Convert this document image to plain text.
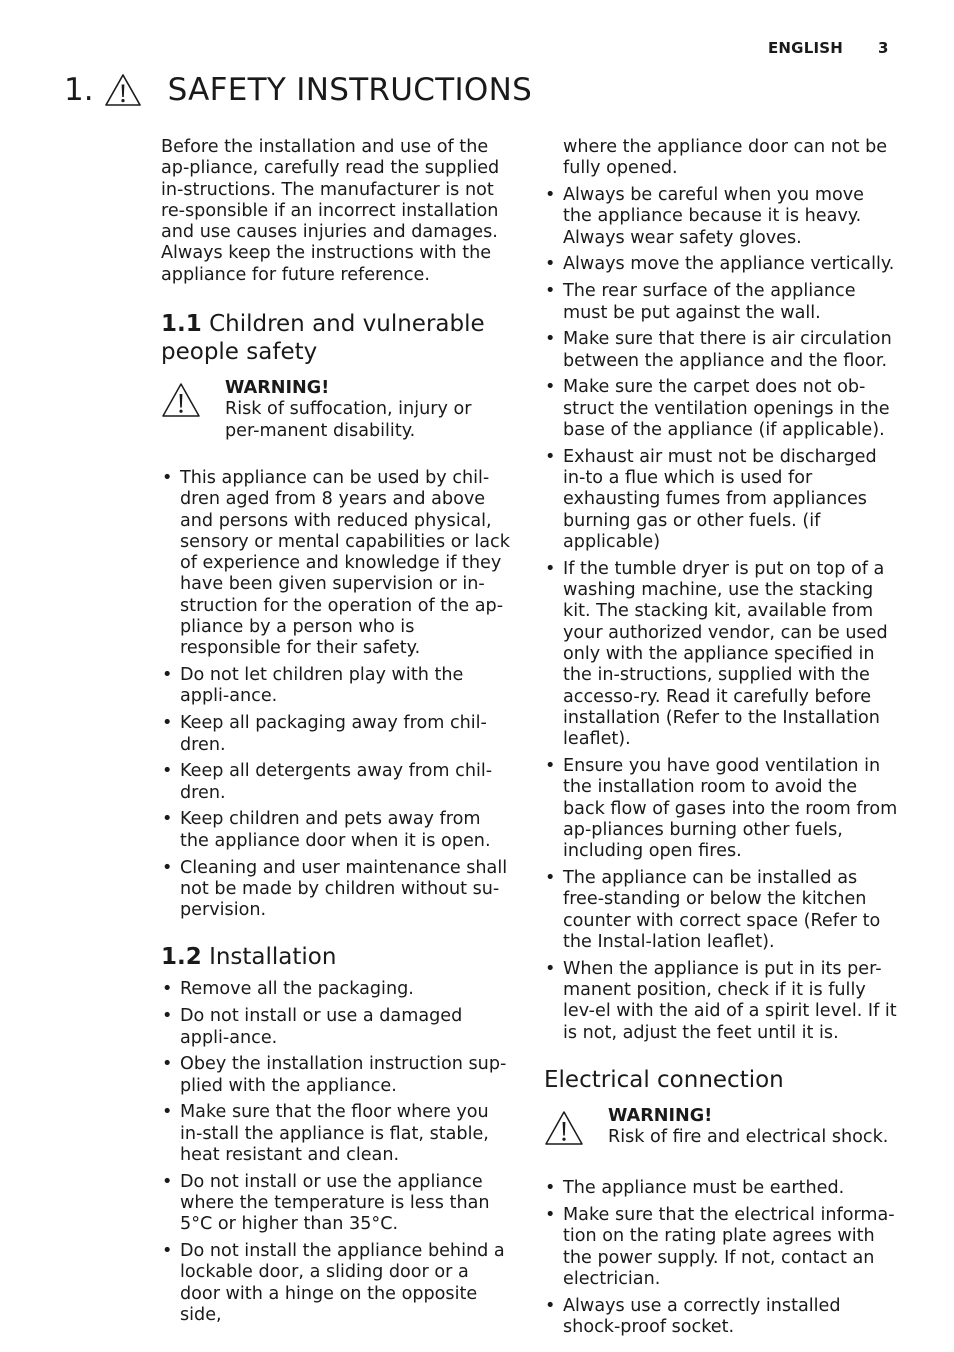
ENGLISH 3
1. SAFETY INSTRUCTIONS

Before the installation and use of the ap-pliance, carefully read the supplied in-structions. The manufacturer is not re-sponsible if an incorrect installation and use causes injuries and damages. Always keep the instructions with the appliance for future reference.

1.1 Children and vulnerable people safety
WARNING!
Risk of suffocation, injury or per-manent disability.
• This appliance can be used by chil-dren aged from 8 years and above and persons with reduced physical, sensory or mental capabilities or lack of experience and knowledge if they have been given supervision or in-struction for the operation of the ap-pliance by a person who is responsible for their safety.
• Do not let children play with the appli-ance.
• Keep all packaging away from chil-dren.
• Keep all detergents away from chil-dren.
• Keep children and pets away from the appliance door when it is open.
• Cleaning and user maintenance shall not be made by children without su-pervision.
1.2 Installation
• Remove all the packaging.
• Do not install or use a damaged appli-ance.
• Obey the installation instruction sup-plied with the appliance.
• Make sure that the floor where you in-stall the appliance is flat, stable, heat resistant and clean.
• Do not install or use the appliance where the temperature is less than 5°C or higher than 35°C.
• Do not install the appliance behind a lockable door, a sliding door or a door with a hinge on the opposite side,

where the appliance door can not be fully opened.

• Always be careful when you move the appliance because it is heavy. Always wear safety gloves.
• Always move the appliance vertically.
• The rear surface of the appliance must be put against the wall.
• Make sure that there is air circulation between the appliance and the floor.
• Make sure the carpet does not ob-struct the ventilation openings in the base of the appliance (if applicable).
• Exhaust air must not be discharged in-to a flue which is used for exhausting fumes from appliances burning gas or other fuels. (if applicable)
• If the tumble dryer is put on top of a washing machine, use the stacking kit. The stacking kit, available from your authorized vendor, can be used only with the appliance specified in the in-structions, supplied with the accesso-ry. Read it carefully before installation (Refer to the Installation leaflet).
• Ensure you have good ventilation in the installation room to avoid the back flow of gases into the room from ap-pliances burning other fuels, including open fires.
• The appliance can be installed as free-standing or below the kitchen counter with correct space (Refer to the Instal-lation leaflet).
• When the appliance is put in its per-manent position, check if it is fully lev-el with the aid of a spirit level. If it is not, adjust the feet until it is.
Electrical connection
WARNING!
Risk of fire and electrical shock.
• The appliance must be earthed.
• Make sure that the electrical informa-tion on the rating plate agrees with the power supply. If not, contact an electrician.
• Always use a correctly installed shock-proof socket.
